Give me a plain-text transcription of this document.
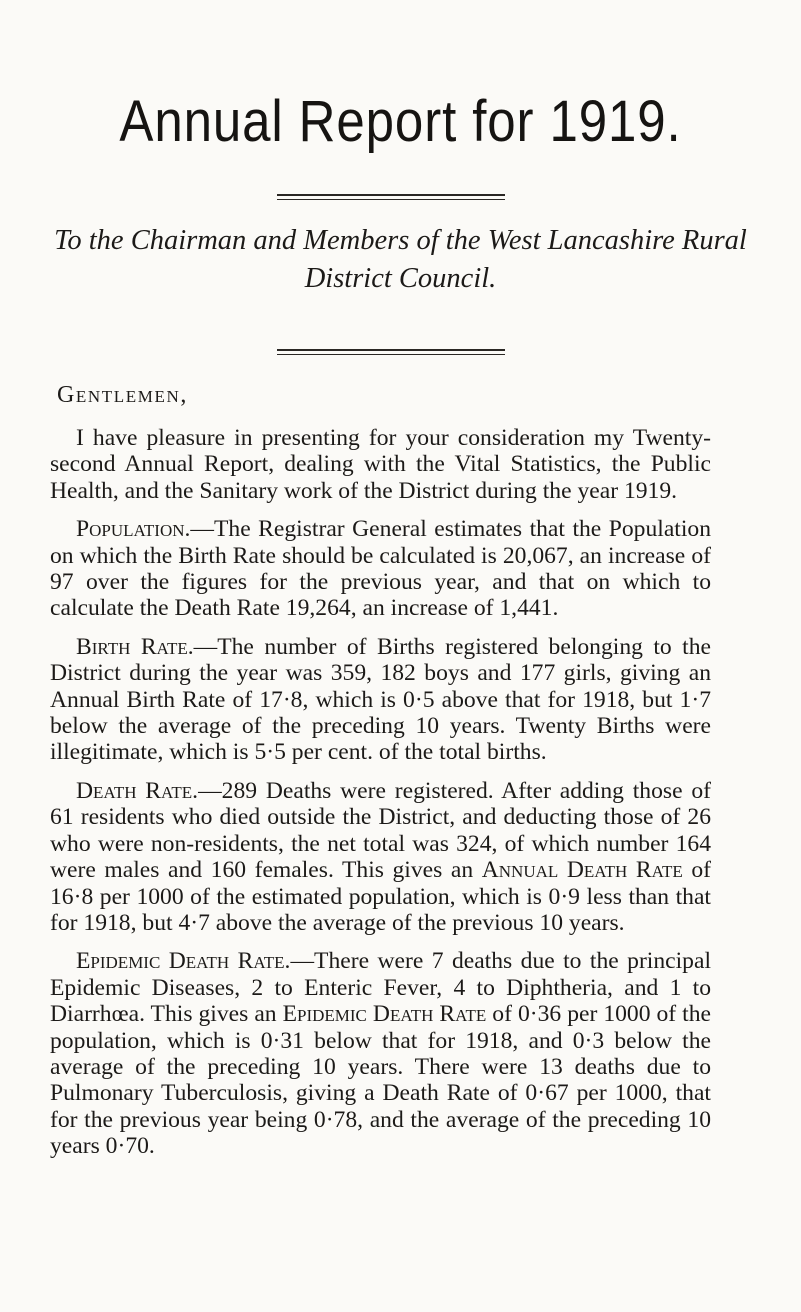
Annual Report for 1919.
To the Chairman and Members of the West Lancashire Rural District Council.
Gentlemen,

I have pleasure in presenting for your consideration my Twenty-second Annual Report, dealing with the Vital Statistics, the Public Health, and the Sanitary work of the District during the year 1919.

Population.—The Registrar General estimates that the Population on which the Birth Rate should be calculated is 20,067, an increase of 97 over the figures for the previous year, and that on which to calculate the Death Rate 19,264, an increase of 1,441.

Birth Rate.—The number of Births registered belonging to the District during the year was 359, 182 boys and 177 girls, giving an Annual Birth Rate of 17·8, which is 0·5 above that for 1918, but 1·7 below the average of the preceding 10 years. Twenty Births were illegitimate, which is 5·5 per cent. of the total births.

Death Rate.—289 Deaths were registered. After adding those of 61 residents who died outside the District, and deducting those of 26 who were non-residents, the net total was 324, of which number 164 were males and 160 females. This gives an Annual Death Rate of 16·8 per 1000 of the estimated population, which is 0·9 less than that for 1918, but 4·7 above the average of the previous 10 years.

Epidemic Death Rate.—There were 7 deaths due to the principal Epidemic Diseases, 2 to Enteric Fever, 4 to Diphtheria, and 1 to Diarrhœa. This gives an Epidemic Death Rate of 0·36 per 1000 of the population, which is 0·31 below that for 1918, and 0·3 below the average of the preceding 10 years. There were 13 deaths due to Pulmonary Tuberculosis, giving a Death Rate of 0·67 per 1000, that for the previous year being 0·78, and the average of the preceding 10 years 0·70.
